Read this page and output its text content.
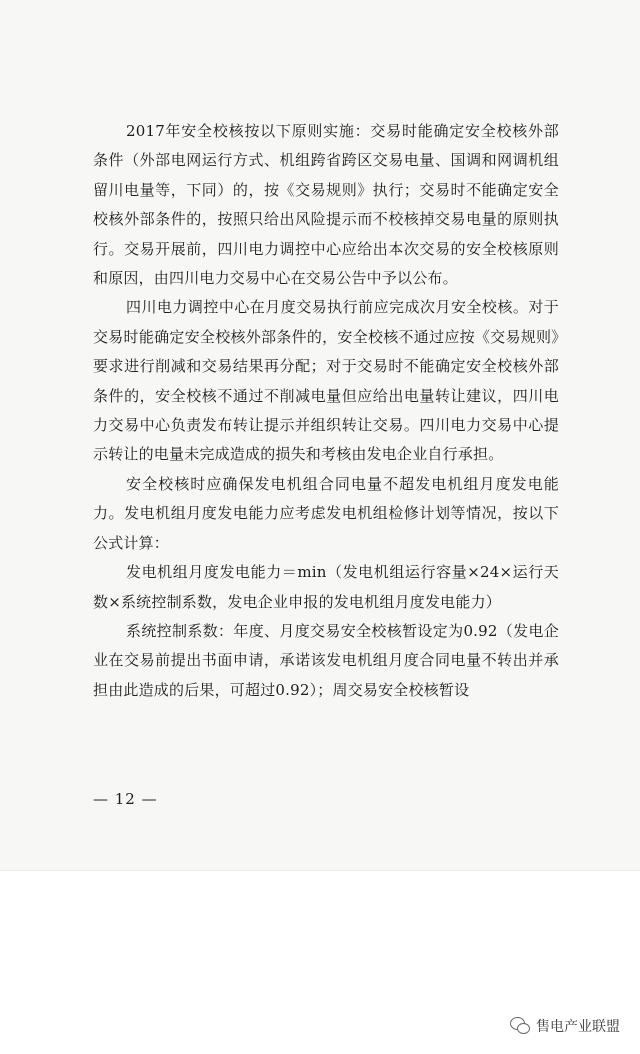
2017年安全校核按以下原则实施：交易时能确定安全校核外部条件（外部电网运行方式、机组跨省跨区交易电量、国调和网调机组留川电量等，下同）的，按《交易规则》执行；交易时不能确定安全校核外部条件的，按照只给出风险提示而不校核掉交易电量的原则执行。交易开展前，四川电力调控中心应给出本次交易的安全校核原则和原因，由四川电力交易中心在交易公告中予以公布。

四川电力调控中心在月度交易执行前应完成次月安全校核。对于交易时能确定安全校核外部条件的，安全校核不通过应按《交易规则》要求进行削减和交易结果再分配；对于交易时不能确定安全校核外部条件的，安全校核不通过不削减电量但应给出电量转让建议，四川电力交易中心负责发布转让提示并组织转让交易。四川电力交易中心提示转让的电量未完成造成的损失和考核由发电企业自行承担。

安全校核时应确保发电机组合同电量不超发电机组月度发电能力。发电机组月度发电能力应考虑发电机组检修计划等情况，按以下公式计算：

发电机组月度发电能力＝min（发电机组运行容量×24×运行天数×系统控制系数，发电企业申报的发电机组月度发电能力）

系统控制系数：年度、月度交易安全校核暂设定为0.92（发电企业在交易前提出书面申请，承诺该发电机组月度合同电量不转出并承担由此造成的后果，可超过0.92）；周交易安全校核暂设

— 12 —
售电产业联盟
